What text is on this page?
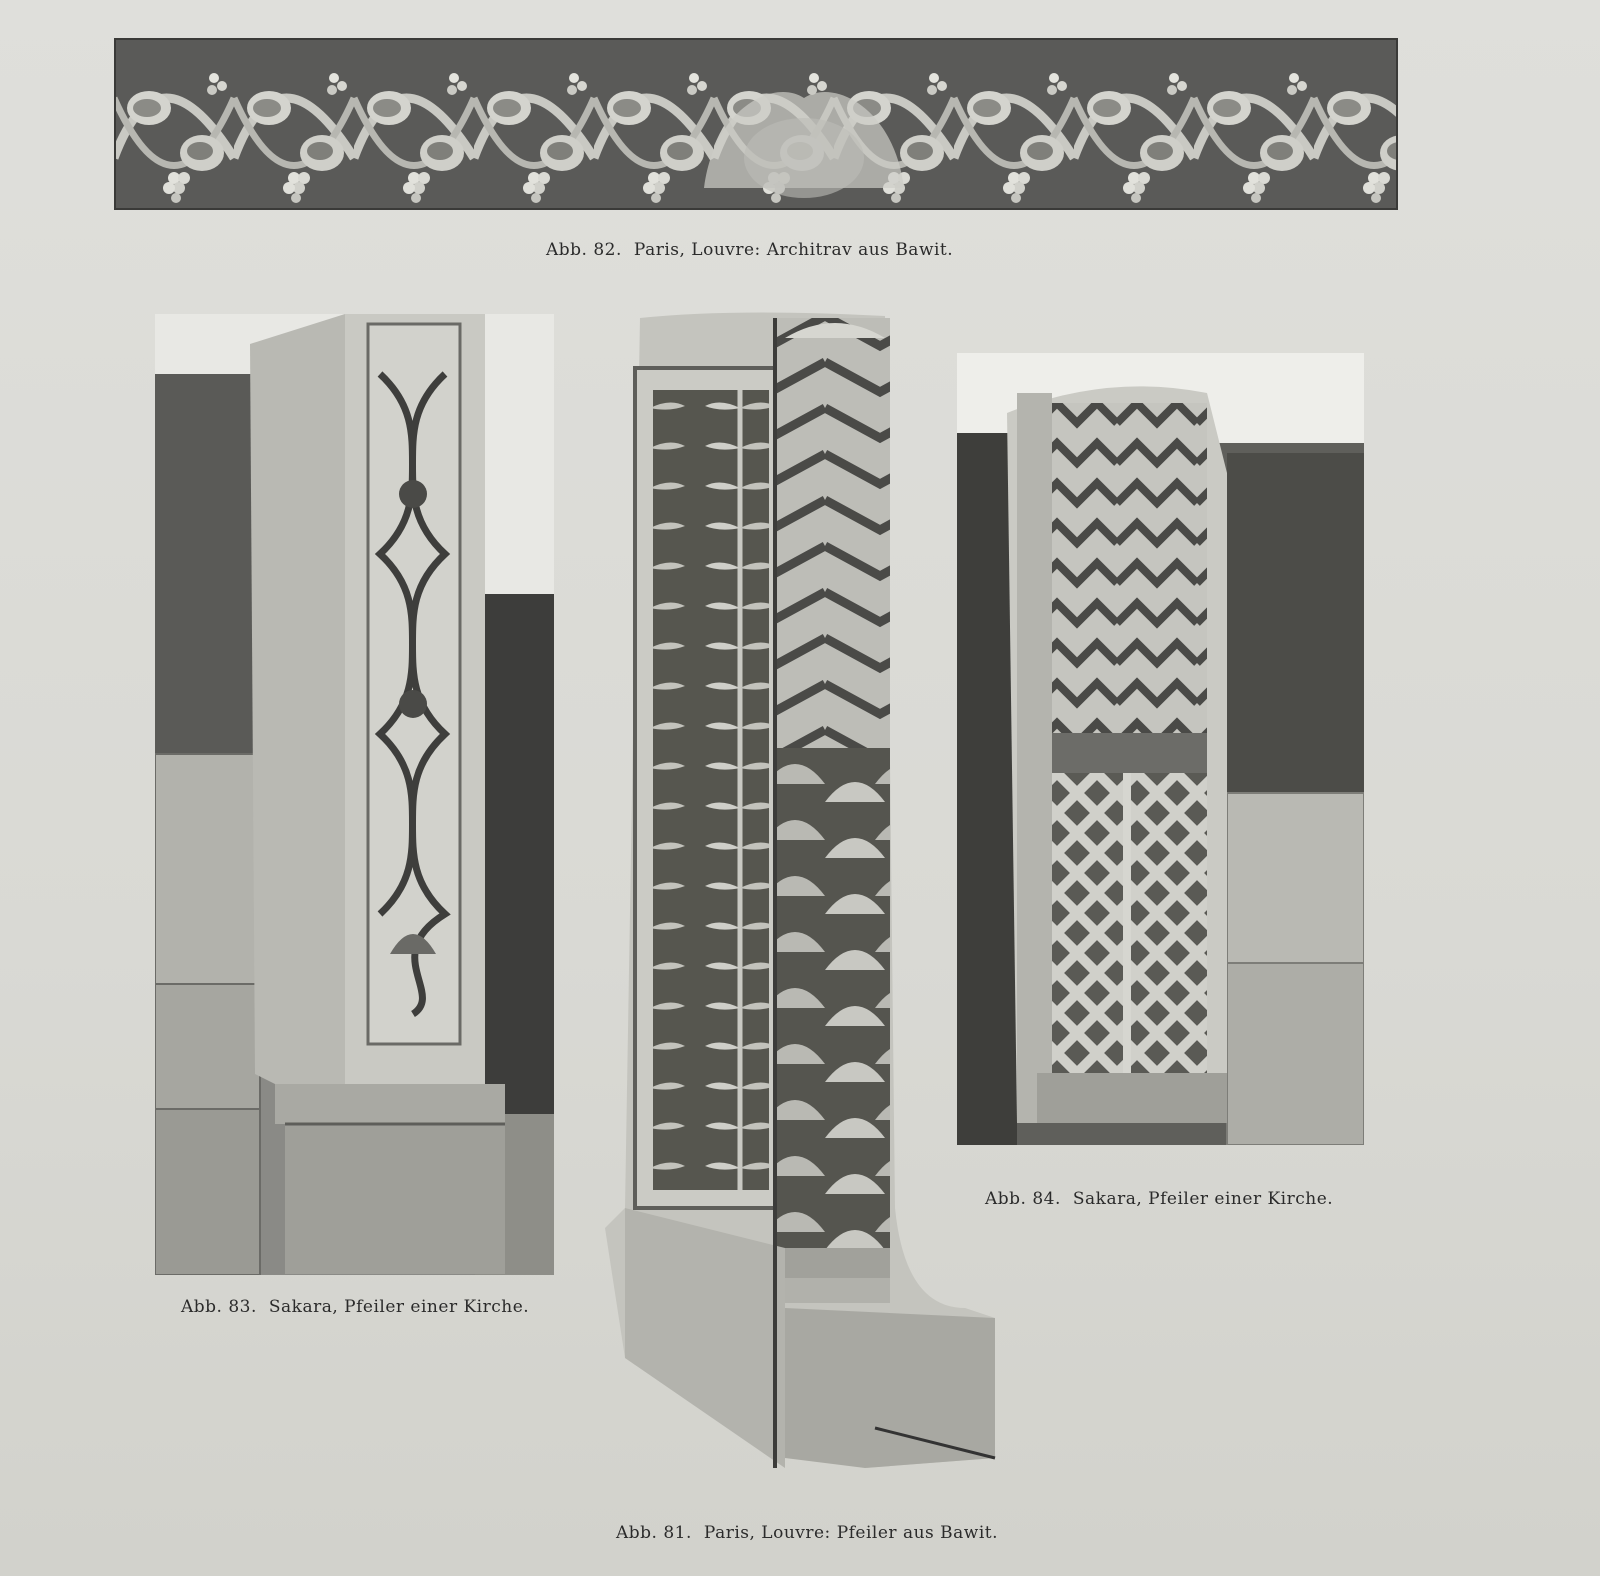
Abb. 82. Paris, Louvre: Architrav aus Bawit.
Abb. 83. Sakara, Pfeiler einer Kirche.
Abb. 81. Paris, Louvre: Pfeiler aus Bawit.
Abb. 84. Sakara, Pfeiler einer Kirche.
